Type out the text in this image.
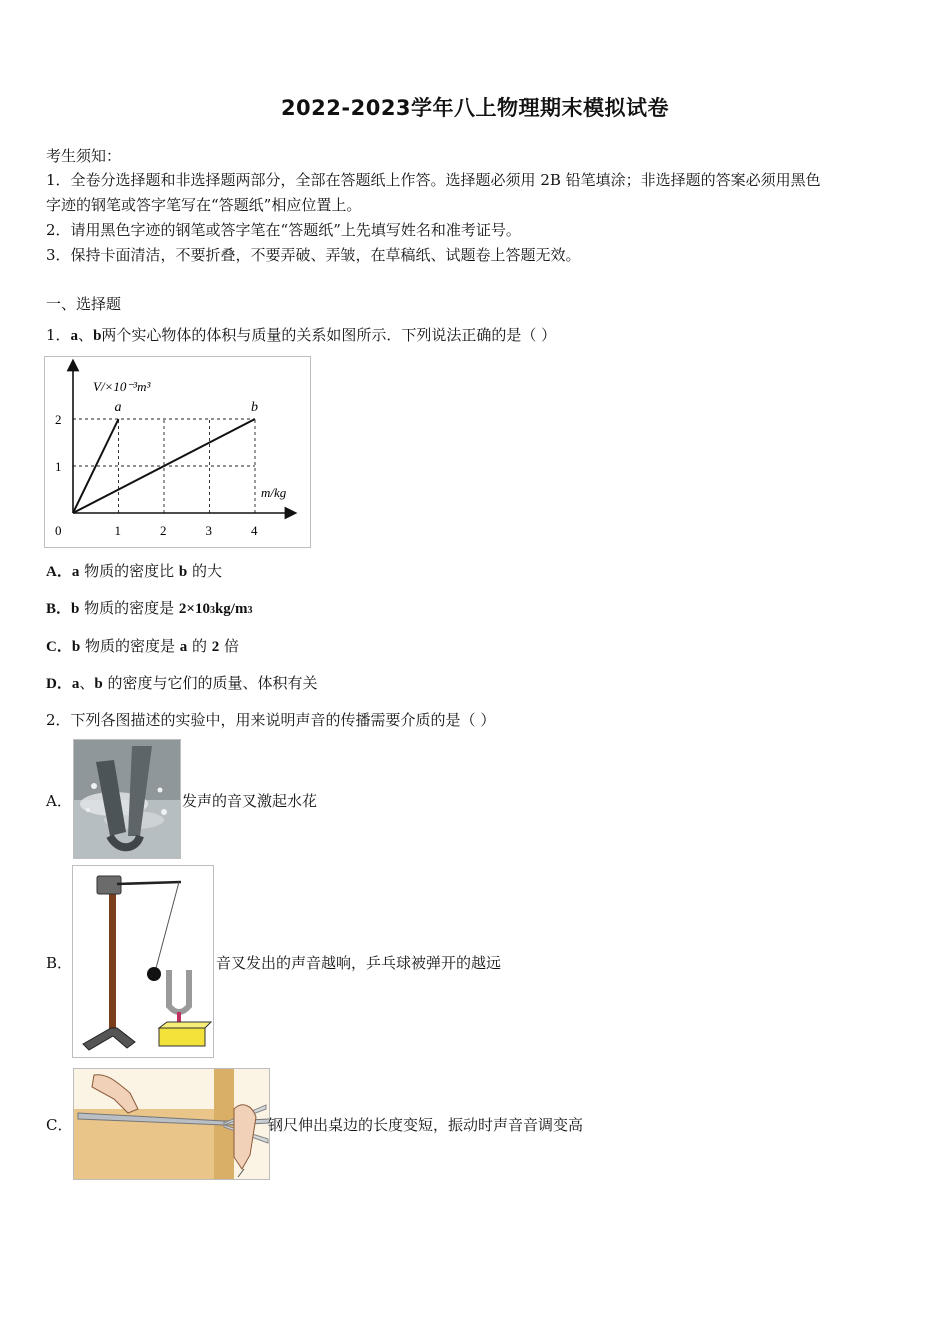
2022-2023学年八上物理期末模拟试卷
考生须知：
1．全卷分选择题和非选择题两部分，全部在答题纸上作答。选择题必须用 2B 铅笔填涂；非选择题的答案必须用黑色
字迹的钢笔或答字笔写在“答题纸”相应位置上。
2．请用黑色字迹的钢笔或答字笔在“答题纸”上先填写姓名和准考证号。
3．保持卡面清洁，不要折叠，不要弄破、弄皱，在草稿纸、试题卷上答题无效。
一、选择题
1．a、b两个实心物体的体积与质量的关系如图所示．下列说法正确的是（ ）
a	b
1
2
1	2	3	4
V/×10⁻³m³
m/kg
0
A．a 物质的密度比 b 的大
B．b 物质的密度是 2×103kg/m3
C．b 物质的密度是 a 的 2 倍
D．a、b 的密度与它们的质量、体积有关
2．下列各图描述的实验中，用来说明声音的传播需要介质的是（ ）
A．	发声的音叉激起水花
B．	音叉发出的声音越响，乒乓球被弹开的越远
C．	钢尺伸出桌边的长度变短，振动时声音音调变高
